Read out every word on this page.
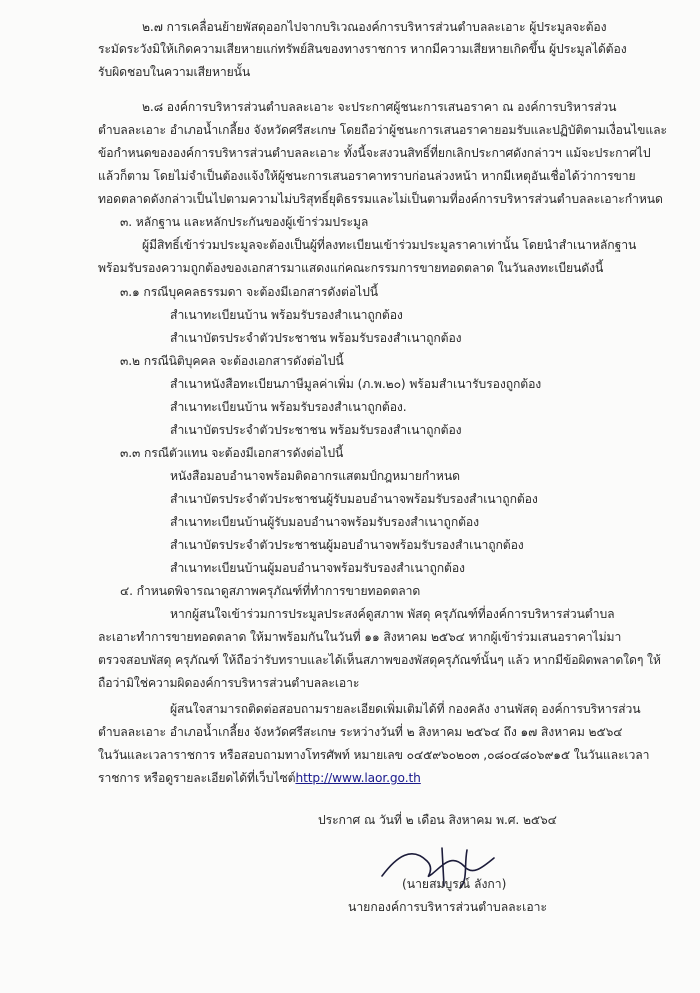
๒.๗ การเคลื่อนย้ายพัสดุออกไปจากบริเวณองค์การบริหารส่วนตำบลละเอาะ ผู้ประมูลจะต้อง
ระมัดระวังมิให้เกิดความเสียหายแก่ทรัพย์สินของทางราชการ หากมีความเสียหายเกิดขึ้น ผู้ประมูลได้ต้อง
รับผิดชอบในความเสียหายนั้น
๒.๘ องค์การบริหารส่วนตำบลละเอาะ จะประกาศผู้ชนะการเสนอราคา ณ องค์การบริหารส่วน
ตำบลละเอาะ อำเภอน้ำเกลี้ยง จังหวัดศรีสะเกษ โดยถือว่าผู้ชนะการเสนอราคายอมรับและปฏิบัติตามเงื่อนไขและ
ข้อกำหนดขององค์การบริหารส่วนตำบลละเอาะ ทั้งนี้จะสงวนสิทธิ์ที่ยกเลิกประกาศดังกล่าวฯ แม้จะประกาศไป
แล้วก็ตาม โดยไม่จำเป็นต้องแจ้งให้ผู้ชนะการเสนอราคาทราบก่อนล่วงหน้า หากมีเหตุอันเชื่อได้ว่าการขาย
ทอดตลาดดังกล่าวเป็นไปตามความไม่บริสุทธิ์ยุติธรรมและไม่เป็นตามที่องค์การบริหารส่วนตำบลละเอาะกำหนด
๓. หลักฐาน และหลักประกันของผู้เข้าร่วมประมูล
ผู้มีสิทธิ์เข้าร่วมประมูลจะต้องเป็นผู้ที่ลงทะเบียนเข้าร่วมประมูลราคาเท่านั้น โดยนำสำเนาหลักฐาน
พร้อมรับรองความถูกต้องของเอกสารมาแสดงแก่คณะกรรมการขายทอดตลาด ในวันลงทะเบียนดังนี้
๓.๑ กรณีบุคคลธรรมดา จะต้องมีเอกสารดังต่อไปนี้
สำเนาทะเบียนบ้าน พร้อมรับรองสำเนาถูกต้อง
สำเนาบัตรประจำตัวประชาชน พร้อมรับรองสำเนาถูกต้อง
๓.๒ กรณีนิติบุคคล จะต้องเอกสารดังต่อไปนี้
สำเนาหนังสือทะเบียนภาษีมูลค่าเพิ่ม (ภ.พ.๒๐) พร้อมสำเนารับรองถูกต้อง
สำเนาทะเบียนบ้าน พร้อมรับรองสำเนาถูกต้อง.
สำเนาบัตรประจำตัวประชาชน พร้อมรับรองสำเนาถูกต้อง
๓.๓ กรณีตัวแทน จะต้องมีเอกสารดังต่อไปนี้
หนังสือมอบอำนาจพร้อมติดอากรแสตมป์กฎหมายกำหนด
สำเนาบัตรประจำตัวประชาชนผู้รับมอบอำนาจพร้อมรับรองสำเนาถูกต้อง
สำเนาทะเบียนบ้านผู้รับมอบอำนาจพร้อมรับรองสำเนาถูกต้อง
สำเนาบัตรประจำตัวประชาชนผู้มอบอำนาจพร้อมรับรองสำเนาถูกต้อง
สำเนาทะเบียนบ้านผู้มอบอำนาจพร้อมรับรองสำเนาถูกต้อง
๔. กำหนดพิจารณาดูสภาพครุภัณฑ์ที่ทำการขายทอดตลาด
หากผู้สนใจเข้าร่วมการประมูลประสงค์ดูสภาพ พัสดุ ครุภัณฑ์ที่องค์การบริหารส่วนตำบล
ละเอาะทำการขายทอดตลาด ให้มาพร้อมกันในวันที่ ๑๑ สิงหาคม ๒๕๖๔ หากผู้เข้าร่วมเสนอราคาไม่มา
ตรวจสอบพัสดุ ครุภัณฑ์ ให้ถือว่ารับทราบและได้เห็นสภาพของพัสดุครุภัณฑ์นั้นๆ แล้ว หากมีข้อผิดพลาดใดๆ ให้
ถือว่ามิใช่ความผิดองค์การบริหารส่วนตำบลละเอาะ
ผู้สนใจสามารถติดต่อสอบถามรายละเอียดเพิ่มเติมได้ที่ กองคลัง งานพัสดุ องค์การบริหารส่วน
ตำบลละเอาะ อำเภอน้ำเกลี้ยง จังหวัดศรีสะเกษ ระหว่างวันที่ ๒ สิงหาคม ๒๕๖๔ ถึง ๑๗ สิงหาคม ๒๕๖๔
ในวันและเวลาราชการ หรือสอบถามทางโทรศัพท์ หมายเลข ๐๔๕๙๖๐๒๐๓ ,๐๘๐๔๘๐๖๙๑๕ ในวันและเวลา
ราชการ หรือดูรายละเอียดได้ที่เว็บไซต์http://www.laor.go.th
ประกาศ ณ วันที่ ๒ เดือน สิงหาคม พ.ศ. ๒๕๖๔
(นายสมบูรณ์ ลังกา)
นายกองค์การบริหารส่วนตำบลละเอาะ
